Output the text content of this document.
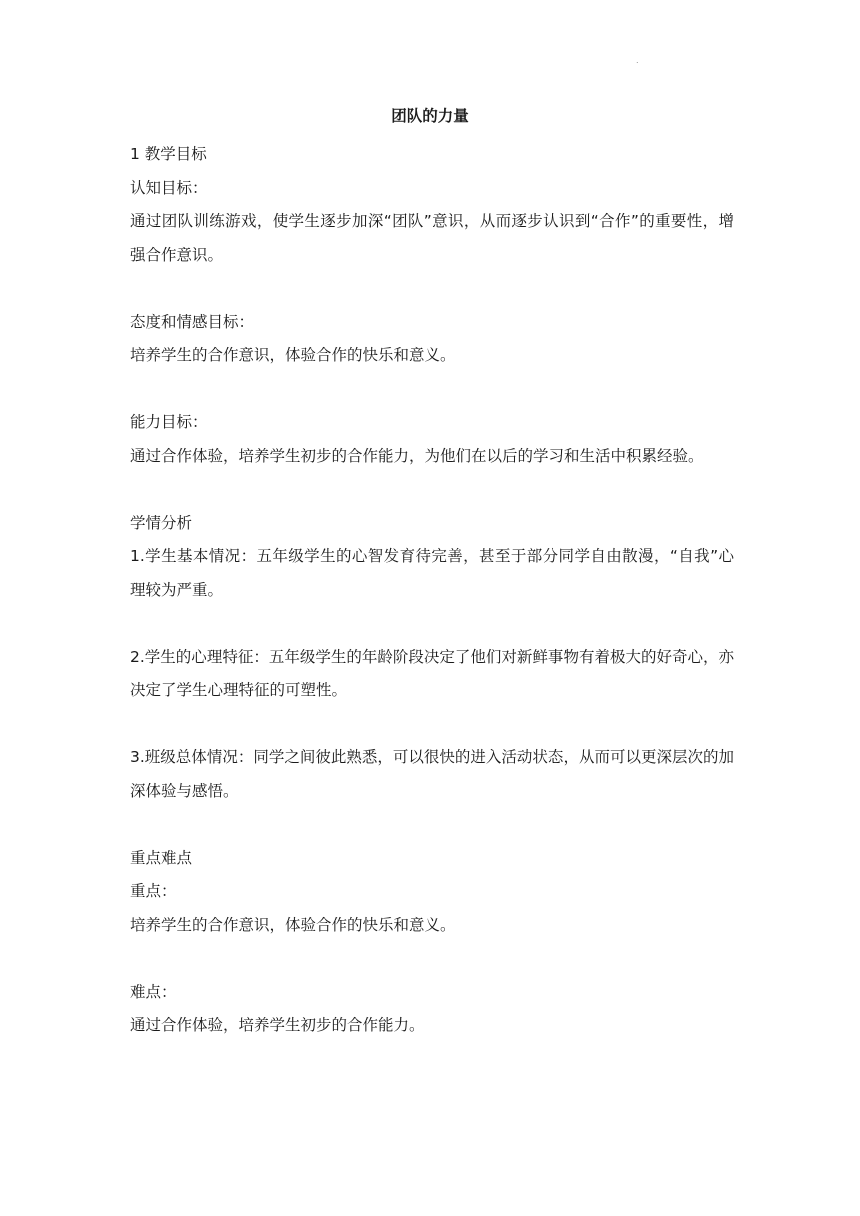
.
团队的力量

1 教学目标

认知目标：

通过团队训练游戏，使学生逐步加深“团队”意识，从而逐步认识到“合作”的重要性，增强合作意识。

态度和情感目标：

培养学生的合作意识，体验合作的快乐和意义。

能力目标：

通过合作体验，培养学生初步的合作能力，为他们在以后的学习和生活中积累经验。

学情分析

1.学生基本情况：五年级学生的心智发育待完善，甚至于部分同学自由散漫，“自我”心理较为严重。

2.学生的心理特征：五年级学生的年龄阶段决定了他们对新鲜事物有着极大的好奇心，亦决定了学生心理特征的可塑性。

3.班级总体情况：同学之间彼此熟悉，可以很快的进入活动状态，从而可以更深层次的加深体验与感悟。

重点难点

重点：

培养学生的合作意识，体验合作的快乐和意义。

难点：

通过合作体验，培养学生初步的合作能力。
